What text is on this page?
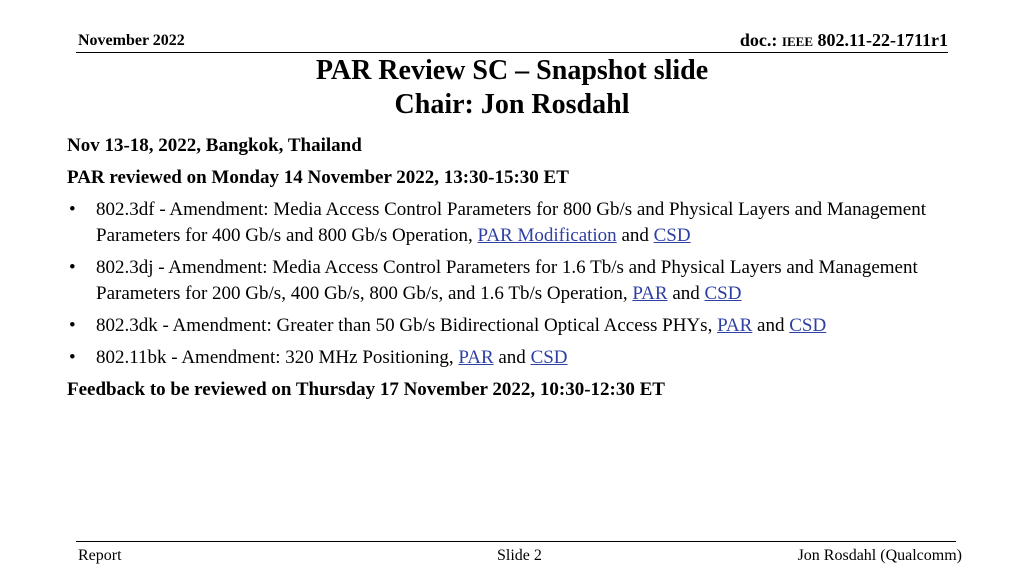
November 2022	doc.: IEEE 802.11-22-1711r1
PAR Review SC – Snapshot slide
Chair: Jon Rosdahl

Nov 13-18, 2022, Bangkok, Thailand

PAR reviewed on Monday 14 November 2022, 13:30-15:30 ET

• 802.3df - Amendment: Media Access Control Parameters for 800 Gb/s and Physical Layers and Management Parameters for 400 Gb/s and 800 Gb/s Operation, PAR Modification and CSD
• 802.3dj - Amendment: Media Access Control Parameters for 1.6 Tb/s and Physical Layers and Management Parameters for 200 Gb/s, 400 Gb/s, 800 Gb/s, and 1.6 Tb/s Operation, PAR and CSD
• 802.3dk - Amendment: Greater than 50 Gb/s Bidirectional Optical Access PHYs, PAR and CSD
• 802.11bk - Amendment: 320 MHz Positioning, PAR and CSD

Feedback to be reviewed on Thursday 17 November 2022, 10:30-12:30 ET

Report	Slide 2	Jon Rosdahl (Qualcomm)
